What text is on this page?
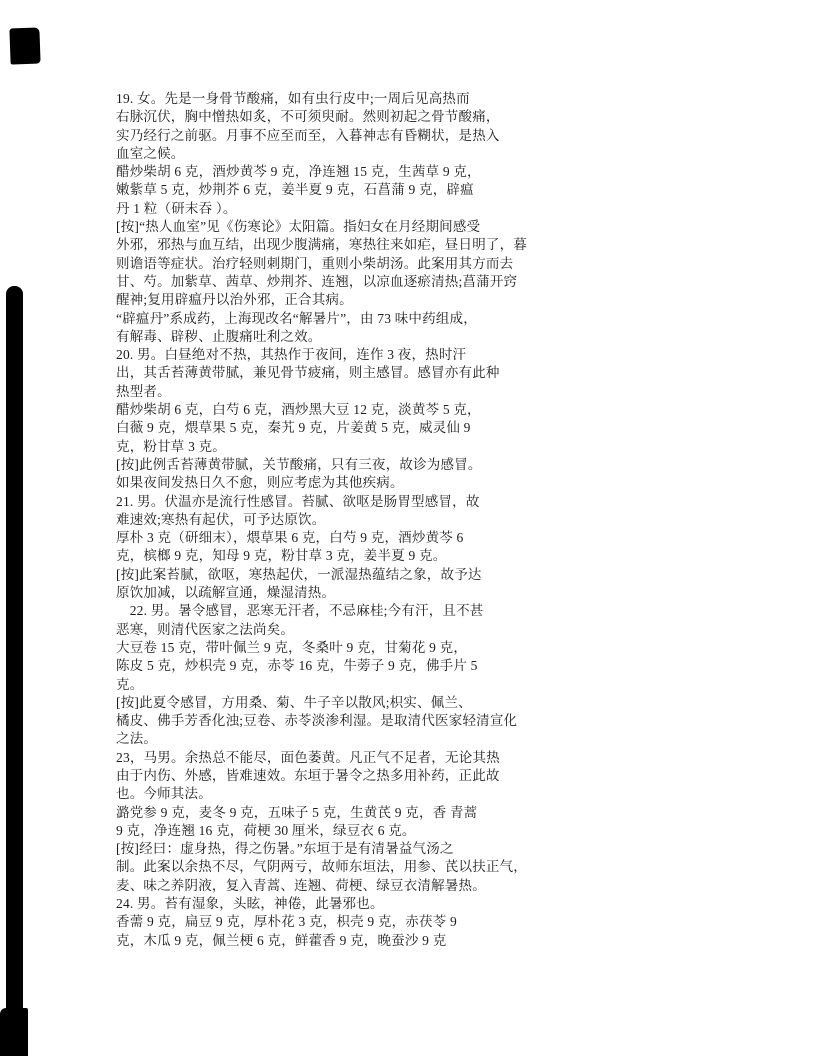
19. 女。先是一身骨节酸痛，如有虫行皮中;一周后见高热而
右脉沉伏，胸中憎热如炙，不可须臾耐。然则初起之骨节酸痛，
实乃经行之前驱。月事不应至而至，入暮神志有昏糊状，是热入
血室之候。
醋炒柴胡 6 克，酒炒黄芩 9 克，净连翘 15 克，生茜草 9 克，
嫩紫草 5 克，炒荆芥 6 克，姜半夏 9 克，石菖蒲 9 克，辟瘟
丹 1 粒（研末吞 ）。
[按]“热人血室”见《伤寒论》太阳篇。指妇女在月经期间感受
外邪，邪热与血互结，出现少腹满痛，寒热往来如疟，昼日明了，暮
则谵语等症状。治疗轻则刺期门，重则小柴胡汤。此案用其方而去
甘、芍。加紫草、茜草、炒荆芥、连翘，以凉血逐瘀清热;菖蒲开窍
醒神;复用辟瘟丹以治外邪，正合其病。
“辟瘟丹”系成药，上海现改名“解暑片”，由 73 味中药组成，
有解毒、辟秽、止腹痛吐利之效。
20. 男。白昼绝对不热，其热作于夜间，连作 3 夜，热时汗
出，其舌苔薄黄带腻，兼见骨节疲痛，则主感冒。感冒亦有此种
热型者。
醋炒柴胡 6 克，白芍 6 克，酒炒黑大豆 12 克，淡黄芩 5 克，
白薇 9 克，煨草果 5 克，秦艽 9 克，片姜黄 5 克，威灵仙 9
克，粉甘草 3 克。
[按]此例舌苔薄黄带腻，关节酸痛，只有三夜，故诊为感冒。
如果夜间发热日久不愈，则应考虑为其他疾病。
21. 男。伏温亦是流行性感冒。苔腻、欲呕是肠胃型感冒，故
难速效;寒热有起伏，可予达原饮。
厚朴 3 克（研细末），煨草果 6 克，白芍 9 克，酒炒黄芩 6
克，槟榔 9 克，知母 9 克，粉甘草 3 克，姜半夏 9 克。
[按]此案苔腻，欲呕，寒热起伏，一派湿热蕴结之象，故予达
原饮加减，以疏解宣通，燥湿清热。
　22. 男。暑令感冒，恶寒无汗者，不忌麻桂;今有汗，且不甚
恶寒，则清代医家之法尚矣。
大豆卷 15 克，带叶佩兰 9 克，冬桑叶 9 克，甘菊花 9 克，
陈皮 5 克，炒枳壳 9 克，赤苓 16 克，牛蒡子 9 克，佛手片 5
克。
[按]此夏令感冒，方用桑、菊、牛子辛以散风;枳实、佩兰、
橘皮、佛手芳香化浊;豆卷、赤苓淡渗利湿。是取清代医家轻清宣化
之法。
23，马男。余热总不能尽，面色萎黄。凡正气不足者，无论其热
由于内伤、外感，皆难速效。东垣于暑令之热多用补药，正此故
也。今师其法。
潞党参 9 克，麦冬 9 克，五味子 5 克，生黄芪 9 克，香 青蒿
9 克，净连翘 16 克，荷梗 30 厘米，绿豆衣 6 克。
[按]经曰：虚身热，得之伤暑。”东垣于是有清暑益气汤之
制。此案以余热不尽，气阴两亏，故师东垣法，用参、芪以扶正气，
麦、味之养阴液，复入青蒿、连翘、荷梗、绿豆衣清解暑热。
24. 男。苔有湿象，头眩，神倦，此暑邪也。
香薷 9 克，扁豆 9 克，厚朴花 3 克，枳壳 9 克，赤茯苓 9
克，木瓜 9 克，佩兰梗 6 克，鲜藿香 9 克，晚蚕沙 9 克
